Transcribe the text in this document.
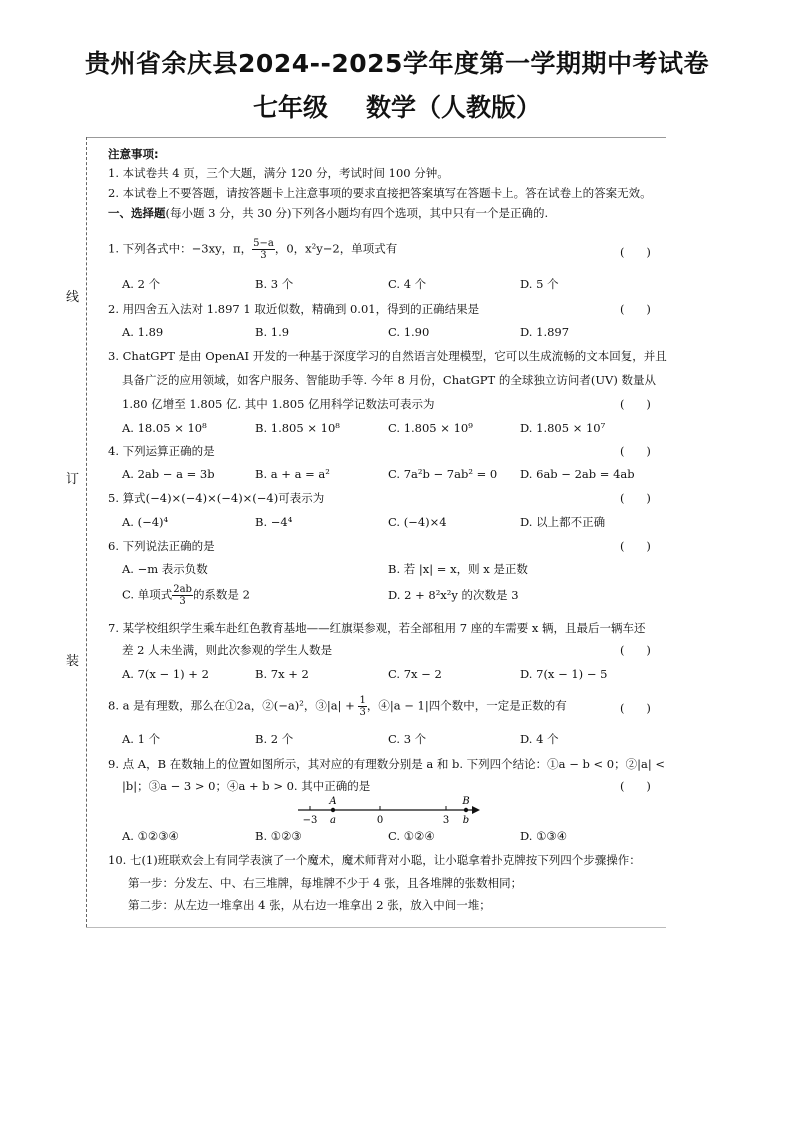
贵州省余庆县2024--2025学年度第一学期期中考试卷
七年级 数学（人教版）
线
订
装
注意事项:
1. 本试卷共 4 页，三个大题，满分 120 分，考试时间 100 分钟。
2. 本试卷上不要答题，请按答题卡上注意事项的要求直接把答案填写在答题卡上。答在试卷上的答案无效。
一、选择题(每小题 3 分，共 30 分)下列各小题均有四个选项，其中只有一个是正确的.
1. 下列各式中：−3xy，π， $\frac{5-a}{3}$ ，0，x²y−2，单项式有	(      )
A. 2 个	B. 3 个	C. 4 个	D. 5 个
2. 用四舍五入法对 1.897 1 取近似数，精确到 0.01，得到的正确结果是	(      )
A. 1.89	B. 1.9	C. 1.90	D. 1.897
3. ChatGPT 是由 OpenAI 开发的一种基于深度学习的自然语言处理模型，它可以生成流畅的文本回复，并且
具备广泛的应用领域，如客户服务、智能助手等. 今年 8 月份，ChatGPT 的全球独立访问者(UV) 数量从
1.80 亿增至 1.805 亿. 其中 1.805 亿用科学记数法可表示为	(      )
A. 18.05 × 10⁸	B. 1.805 × 10⁸	C. 1.805 × 10⁹	D. 1.805 × 10⁷
4. 下列运算正确的是	(      )
A. 2ab − a = 3b	B. a + a = a²	C. 7a²b − 7ab² = 0 D. 6ab − 2ab = 4ab
5. 算式(−4)×(−4)×(−4)×(−4)可表示为	(      )
A. (−4)⁴	B. −4⁴	C. (−4)×4	D. 以上都不正确
6. 下列说法正确的是	(      )
A. −m 表示负数	B. 若 |x| = x，则 x 是正数
C. 单项式 $\frac{2ab}{3}$ 的系数是 2	D. 2 + 8²x²y 的次数是 3
7. 某学校组织学生乘车赴红色教育基地——红旗渠参观，若全部租用 7 座的车需要 x 辆，且最后一辆车还
差 2 人未坐满，则此次参观的学生人数是	(      )
A. 7(x − 1) + 2	B. 7x + 2	C. 7x − 2	D. 7(x − 1) − 5
8. a 是有理数，那么在①2a，②(−a)²，③|a| + $\frac{1}{3}$ ，④|a − 1|四个数中，一定是正数的有	(      )
A. 1 个	B. 2 个	C. 3 个	D. 4 个
9. 点 A，B 在数轴上的位置如图所示，其对应的有理数分别是 a 和 b. 下列四个结论：①a − b < 0；②|a| <
|b|；③a − 3 > 0；④a + b > 0. 其中正确的是	(      )
A	B
−3 a	0	3 b
A. ①②③④	B. ①②③	C. ①②④	D. ①③④
10. 七(1)班联欢会上有同学表演了一个魔术，魔术师背对小聪，让小聪拿着扑克牌按下列四个步骤操作：
第一步：分发左、中、右三堆牌，每堆牌不少于 4 张，且各堆牌的张数相同；
第二步：从左边一堆拿出 4 张，从右边一堆拿出 2 张，放入中间一堆；
